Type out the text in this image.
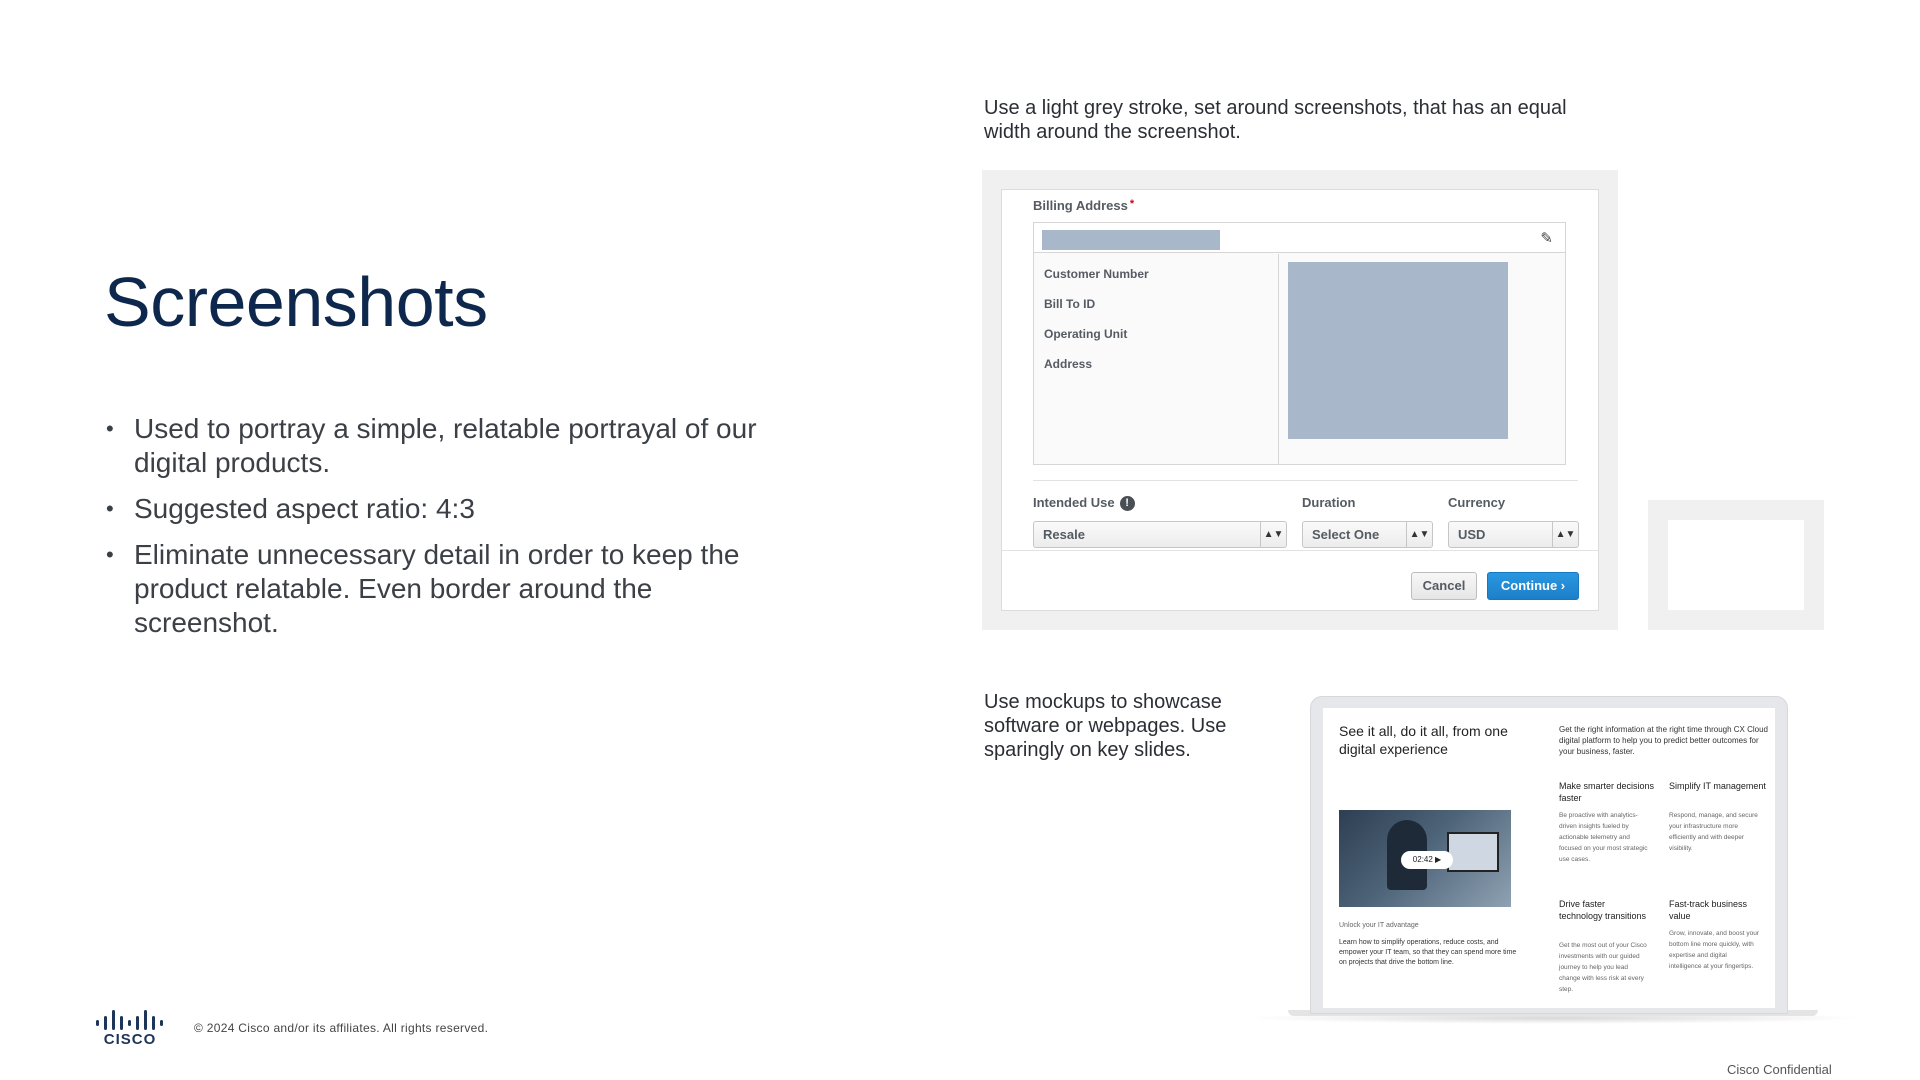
Screenshots
• Used to portray a simple, relatable portrayal of our digital products.
• Suggested aspect ratio: 4:3
• Eliminate unnecessary detail in order to keep the product relatable. Even border around the screenshot.

Use a light grey stroke, set around screenshots, that has an equal width around the screenshot.

Billing Address *
✎
Customer Number
Bill To ID
Operating Unit
Address
Intended Use !
Resale	▲▼
Duration
Select One	▲▼
Currency
USD	▲▼
Cancel	Continue ›

Use mockups to showcase software or webpages. Use sparingly on key slides.

See it all, do it all, from one digital experience
Get the right information at the right time through CX Cloud digital platform to help you to predict better outcomes for your business, faster.
02:42 ▶
Unlock your IT advantage
Learn how to simplify operations, reduce costs, and empower your IT team, so that they can spend more time on projects that drive the bottom line.
Make smarter decisions faster
Be proactive with analytics-driven insights fueled by actionable telemetry and focused on your most strategic use cases.
Simplify IT management
Respond, manage, and secure your infrastructure more efficiently and with deeper visibility.
Drive faster technology transitions
Get the most out of your Cisco investments with our guided journey to help you lead change with less risk at every step.
Fast-track business value
Grow, innovate, and boost your bottom line more quickly, with expertise and digital intelligence at your fingertips.
CISCO
© 2024 Cisco and/or its affiliates. All rights reserved.
Cisco Confidential
